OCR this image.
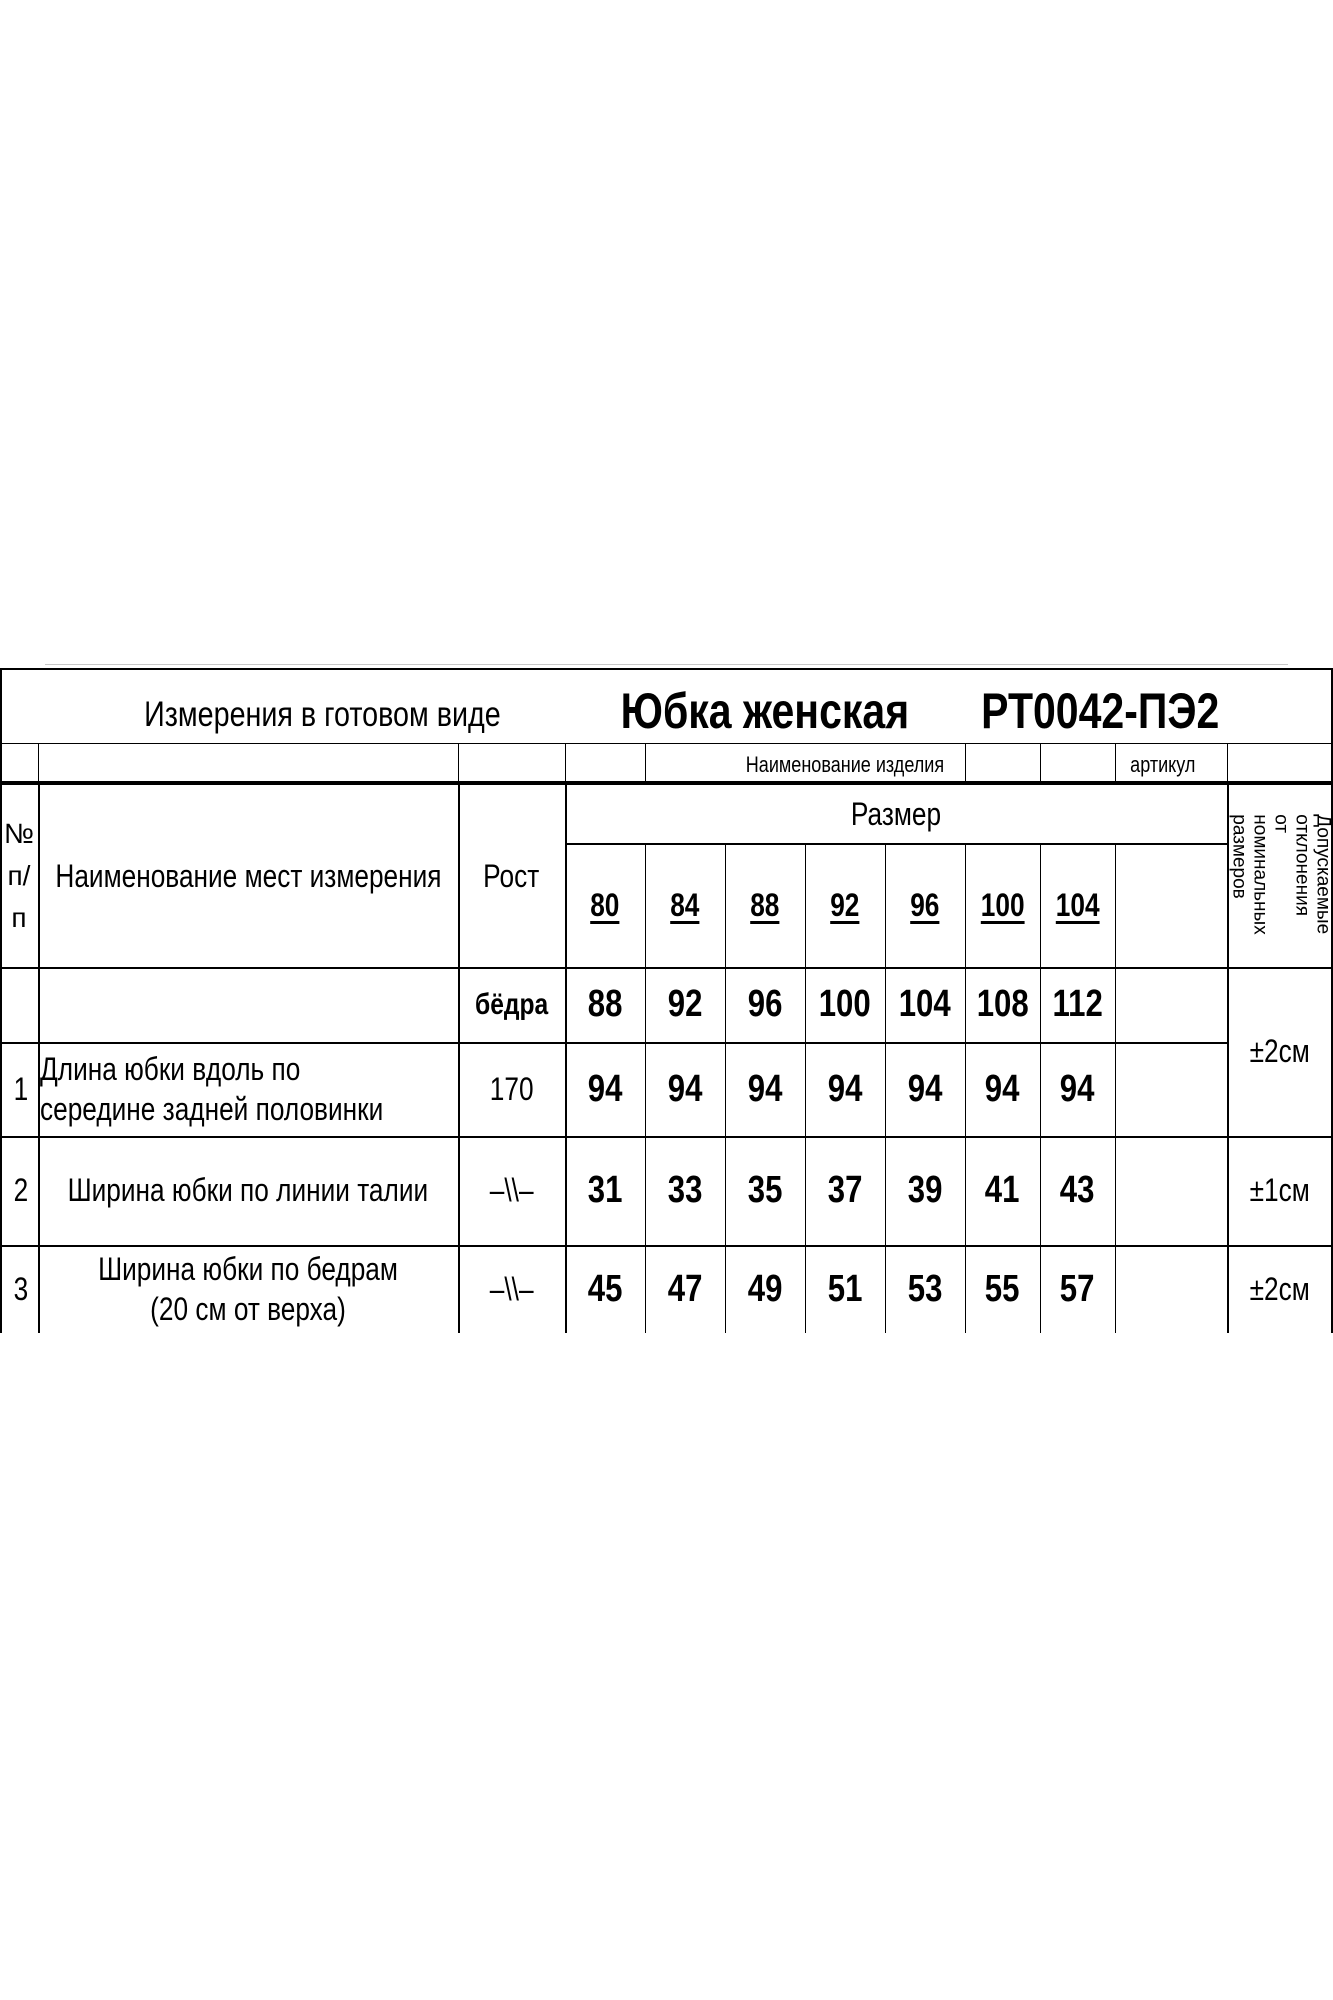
Измерения в готовом виде Юбка женская РТ0042-ПЭ2
Наименование изделия	артикул
№ п/ п
Наименование мест измерения Рост
Размер
Допускаемые отклонения от номинальных размеров
80 84 88 92 96 100 104
бёдра 88 92 96 100 104 108 112
1
Длина юбки вдоль по середине задней половинки
170 94 94 94 94 94 94 94
2 Ширина юбки по линии талии –\\– 31 33 35 37 39 41 43
3
Ширина юбки по бедрам (20 см от верха)
–\\– 45 47 49 51 53 55 57
±2см
±1см
±2см
